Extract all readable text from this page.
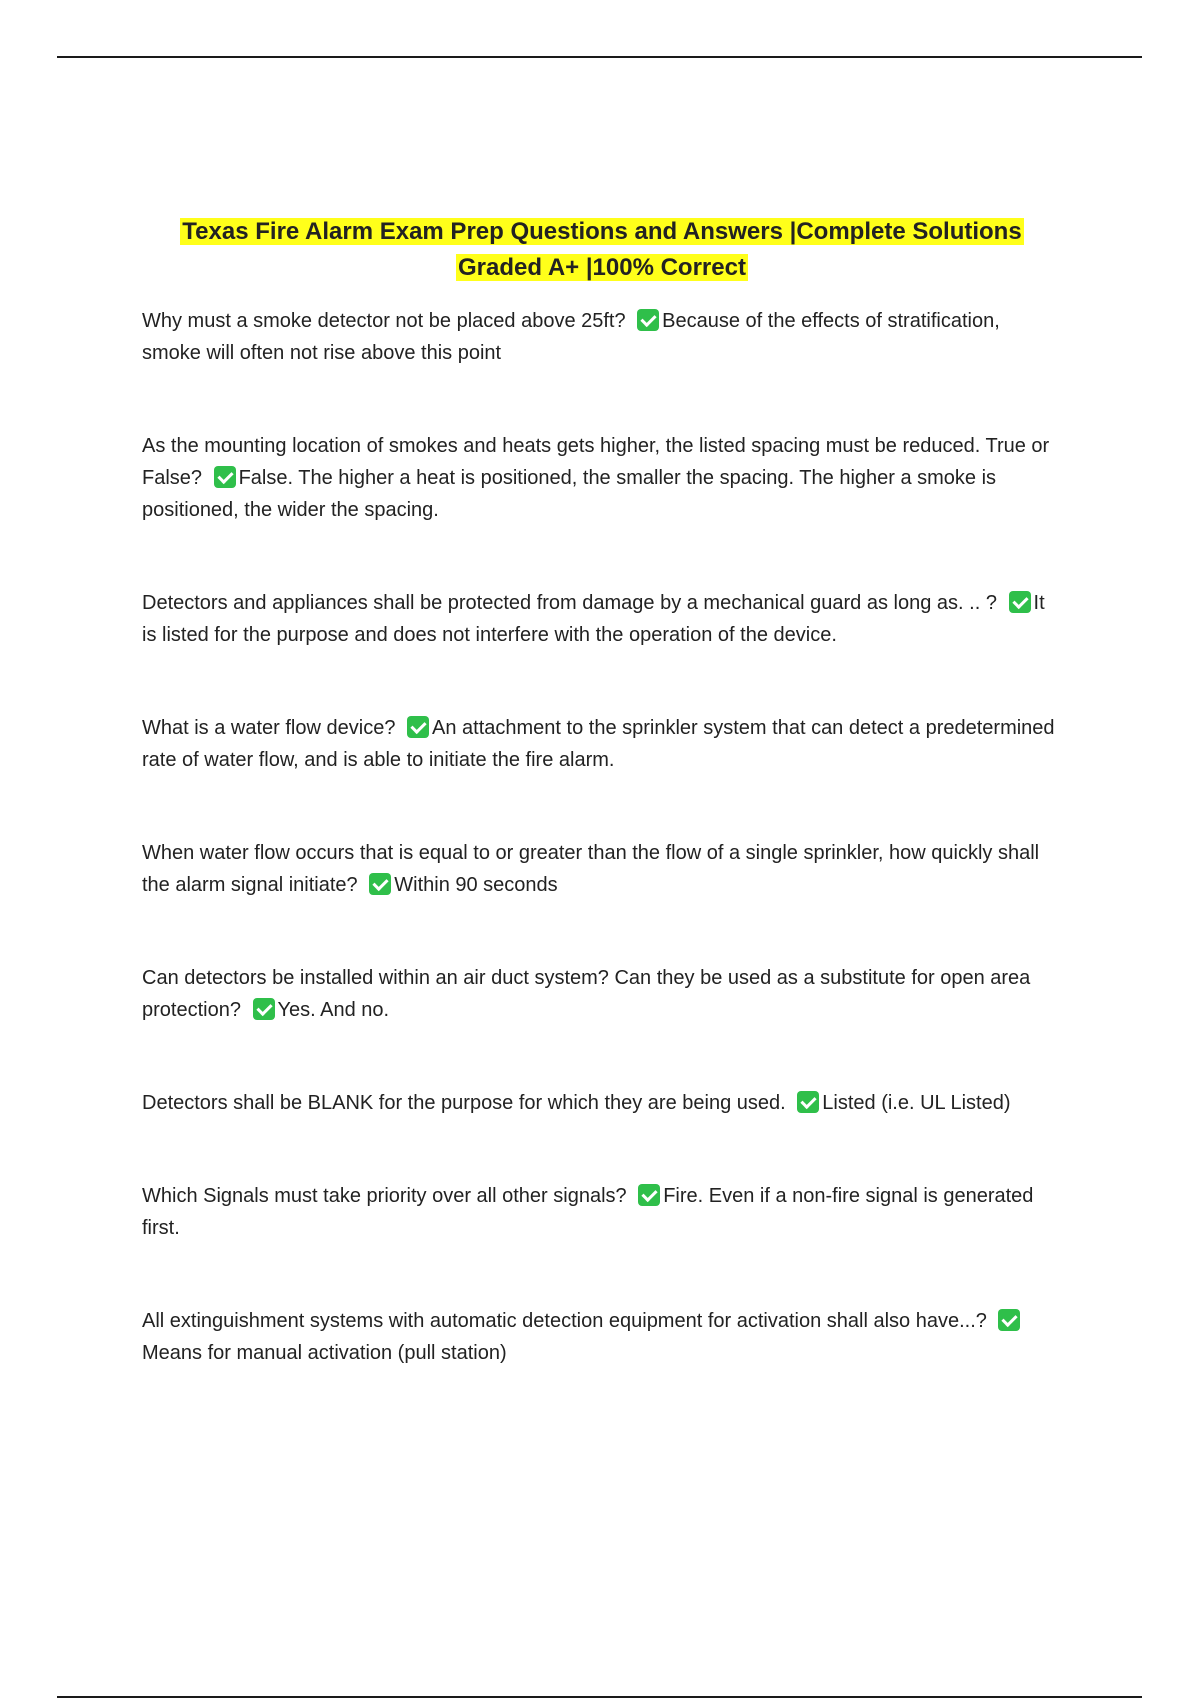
Texas Fire Alarm Exam Prep Questions and Answers |Complete Solutions
Graded A+ |100% Correct

Why must a smoke detector not be placed above 25ft? Because of the effects of stratification, smoke will often not rise above this point

As the mounting location of smokes and heats gets higher, the listed spacing must be reduced. True or False? False. The higher a heat is positioned, the smaller the spacing. The higher a smoke is positioned, the wider the spacing.

Detectors and appliances shall be protected from damage by a mechanical guard as long as. .. ? It is listed for the purpose and does not interfere with the operation of the device.

What is a water flow device? An attachment to the sprinkler system that can detect a predetermined rate of water flow, and is able to initiate the fire alarm.

When water flow occurs that is equal to or greater than the flow of a single sprinkler, how quickly shall the alarm signal initiate? Within 90 seconds

Can detectors be installed within an air duct system? Can they be used as a substitute for open area protection? Yes. And no.

Detectors shall be BLANK for the purpose for which they are being used. Listed (i.e. UL Listed)

Which Signals must take priority over all other signals? Fire. Even if a non-fire signal is generated first.

All extinguishment systems with automatic detection equipment for activation shall also have...? Means for manual activation (pull station)
